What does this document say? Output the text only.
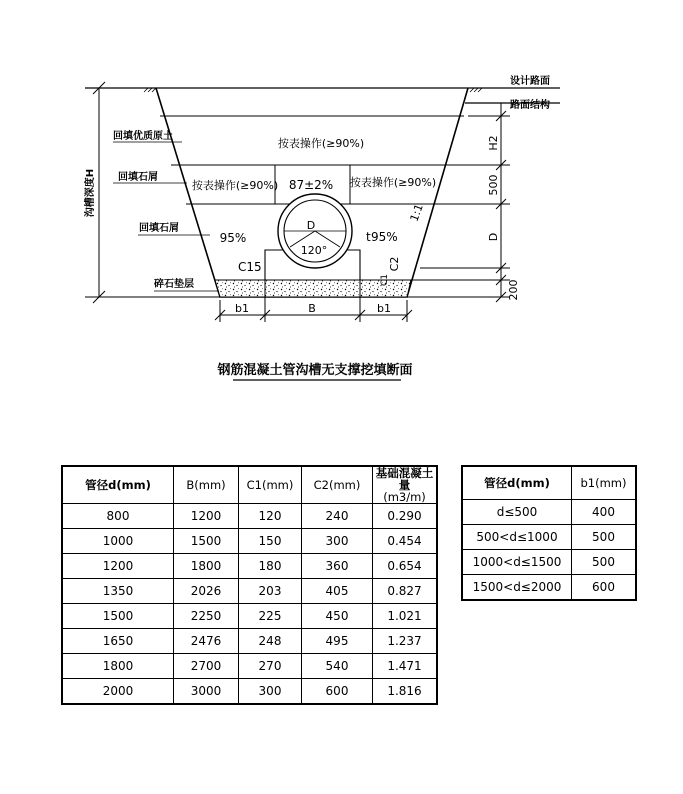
沟槽深度H
H2
500
D
200
b1	B	b1
设计路面
路面结构
回填优质原土
回填石屑
回填石屑
碎石垫层
按表操作(≥90%)
按表操作(≥90%) 87±2% 按表操作(≥90%)
95%
D
120°
t 95%
C15	C2
C1
1:1
钢筋混凝土管沟槽无支撑挖填断面
管径d(mm)	B(mm)	C1(mm)	C2(mm)	基础混凝土量
(m3/m)
800	1200	120	240	0.290
1000	1500	150	300	0.454
1200	1800	180	360	0.654
1350	2026	203	405	0.827
1500	2250	225	450	1.021
1650	2476	248	495	1.237
1800	2700	270	540	1.471
2000	3000	300	600	1.816
管径d(mm)	b1(mm)
d≤500	400
500<d≤1000	500
1000<d≤1500	500
1500<d≤2000	600
